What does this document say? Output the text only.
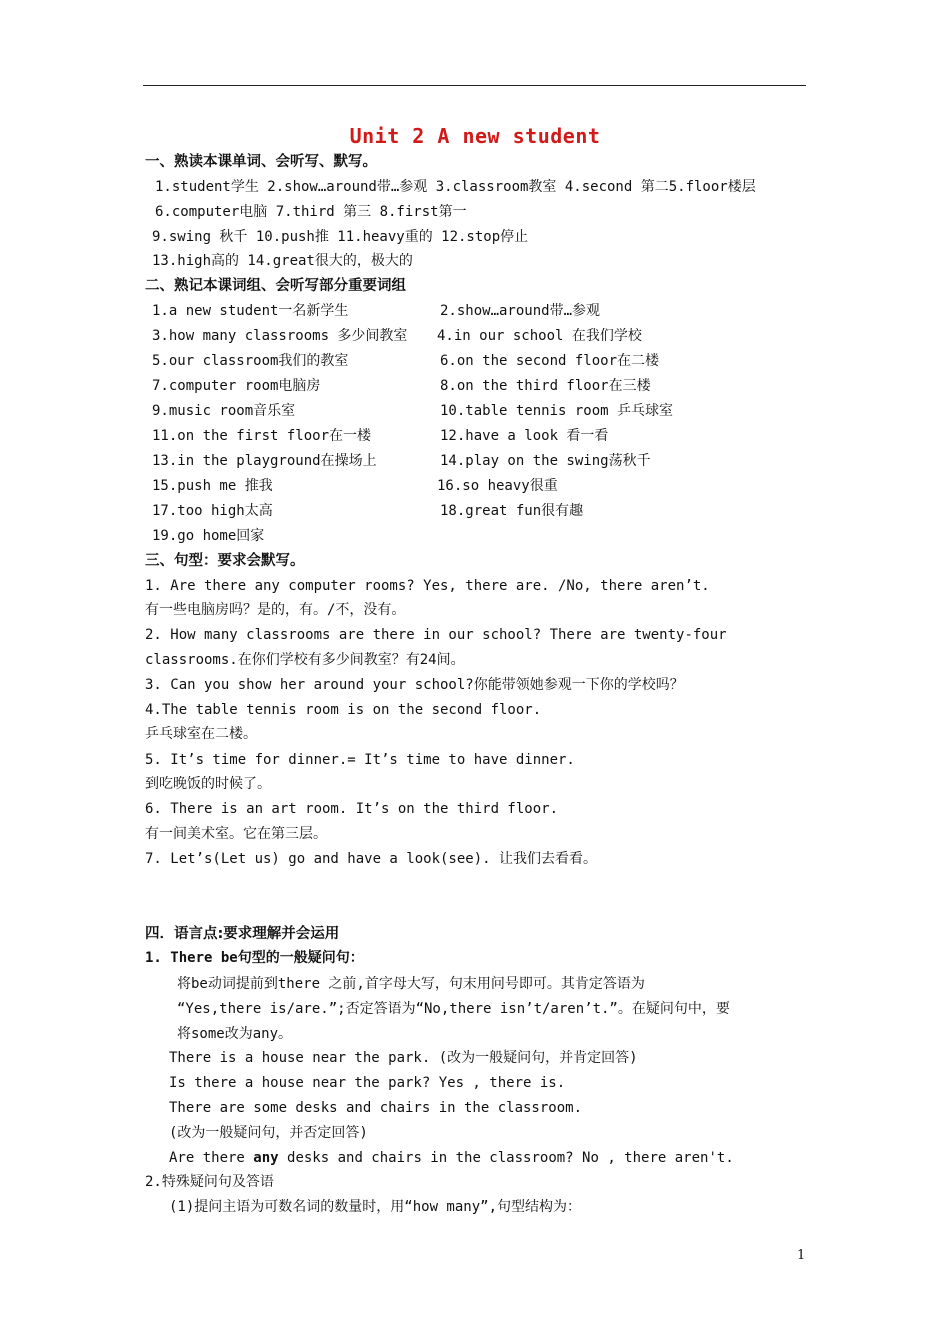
Unit 2 A new student
一、熟读本课单词、会听写、默写。
1.student学生 2.show…around带…参观 3.classroom教室 4.second 第二5.floor楼层
6.computer电脑 7.third 第三 8.first第一
9.swing 秋千 10.push推 11.heavy重的 12.stop停止
13.high高的 14.great很大的，极大的
二、熟记本课词组、会听写部分重要词组
1.a new student一名新学生
3.how many classrooms 多少间教室
5.our classroom我们的教室
7.computer room电脑房
9.music room音乐室
11.on the first floor在一楼
13.in the playground在操场上
15.push me 推我
17.too high太高
19.go home回家
2.show…around带…参观
4.in our school 在我们学校
6.on the second floor在二楼
8.on the third floor在三楼
10.table tennis room 乒乓球室
12.have a look 看一看
14.play on the swing荡秋千
16.so heavy很重
18.great fun很有趣
三、句型：要求会默写。
1. Are there any computer rooms? Yes, there are. /No, there aren’t.
有一些电脑房吗？是的，有。/不，没有。
2. How many classrooms are there in our school? There are twenty-four
classrooms.在你们学校有多少间教室？有24间。
3. Can you show her around your school?你能带领她参观一下你的学校吗？
4.The table tennis room is on the second floor.
乒乓球室在二楼。
5. It’s time for dinner.= It’s time to have dinner.
到吃晚饭的时候了。
6. There is an art room. It’s on the third floor.
有一间美术室。它在第三层。
7. Let’s(Let us) go and have a look(see). 让我们去看看。
四．语言点:要求理解并会运用
1. There be句型的一般疑问句：
将be动词提前到there 之前,首字母大写，句末用问号即可。其肯定答语为
“Yes,there is/are.”;否定答语为“No,there isn’t/aren’t.”。在疑问句中，要
将some改为any。
There is a house near the park. (改为一般疑问句，并肯定回答)
Is there a house near the park? Yes , there is.
There are some desks and chairs in the classroom.
(改为一般疑问句，并否定回答)
Are there any desks and chairs in the classroom? No , there aren't.
2.特殊疑问句及答语
(1)提问主语为可数名词的数量时，用“how many”,句型结构为：
1
